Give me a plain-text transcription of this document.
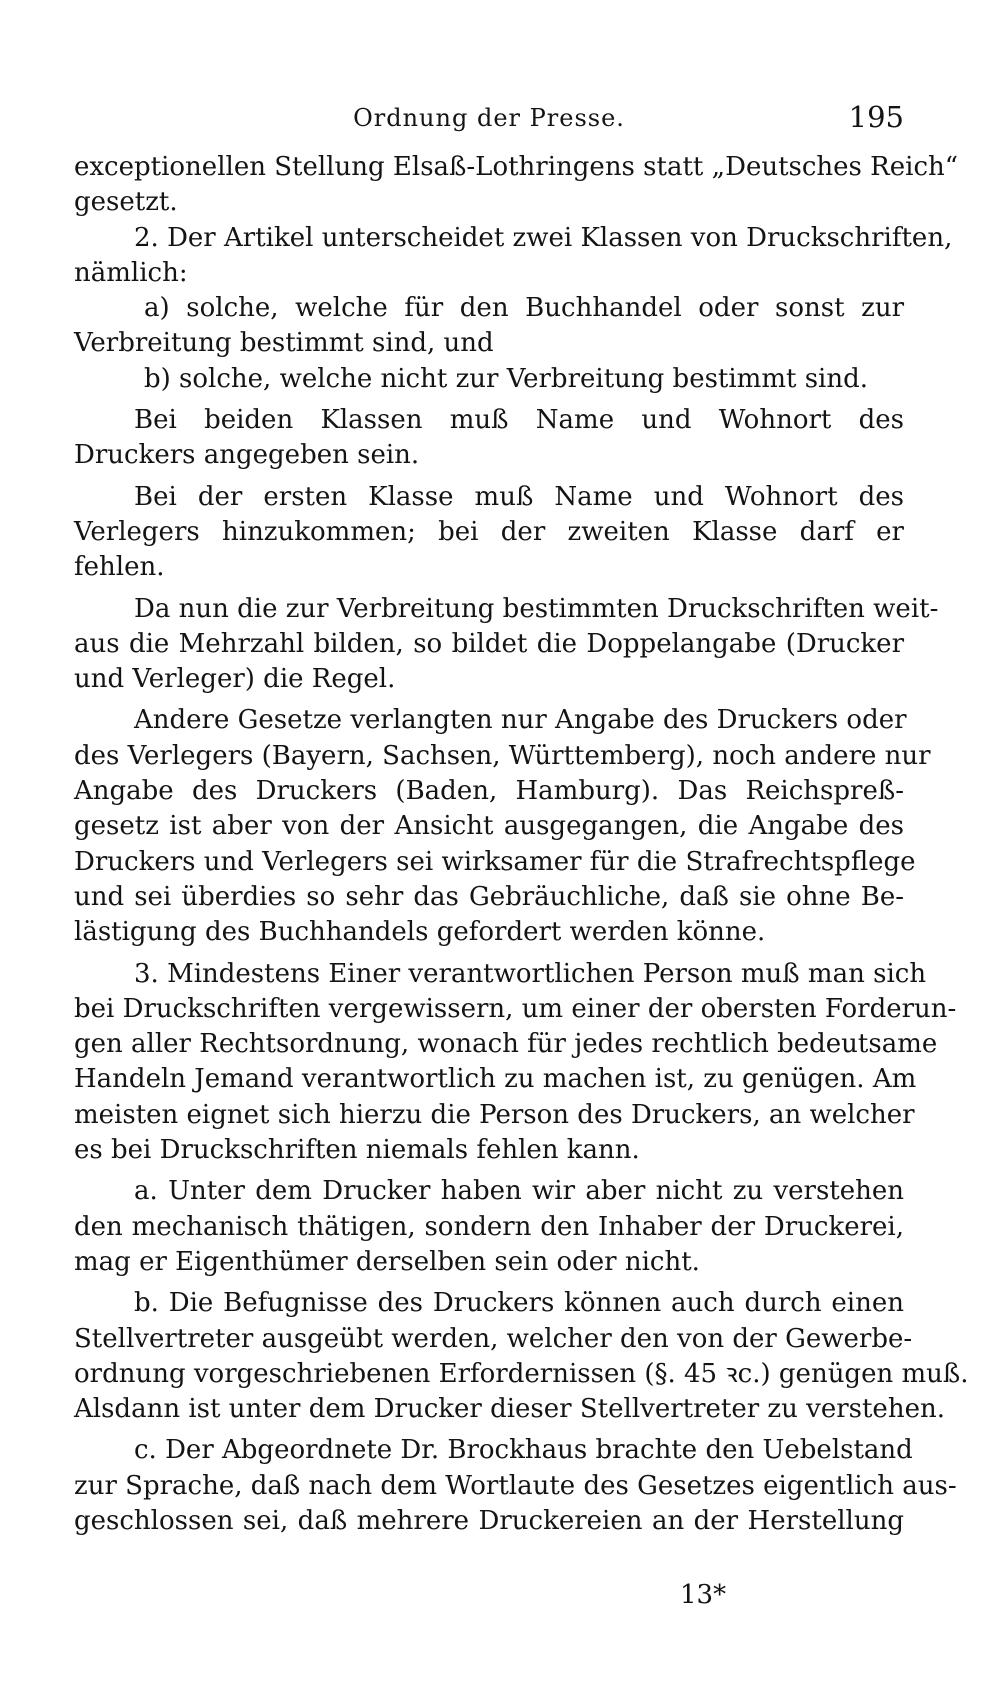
Ordnung der Presse.	195
exceptionellen Stellung Elsaß-Lothringens statt „Deutsches Reich“
gesetzt.
2. Der Artikel unterscheidet zwei Klassen von Druckschriften,
nämlich:
a) solche, welche für den Buchhandel oder sonst zur
Verbreitung bestimmt sind, und
b) solche, welche nicht zur Verbreitung bestimmt sind.
Bei beiden Klassen muß Name und Wohnort des
Druckers angegeben sein.
Bei der ersten Klasse muß Name und Wohnort des
Verlegers hinzukommen; bei der zweiten Klasse darf er
fehlen.
Da nun die zur Verbreitung bestimmten Druckschriften weit-
aus die Mehrzahl bilden, so bildet die Doppelangabe (Drucker
und Verleger) die Regel.
Andere Gesetze verlangten nur Angabe des Druckers oder
des Verlegers (Bayern, Sachsen, Württemberg), noch andere nur
Angabe des Druckers (Baden, Hamburg). Das Reichspreß-
gesetz ist aber von der Ansicht ausgegangen, die Angabe des
Druckers und Verlegers sei wirksamer für die Strafrechtspflege
und sei überdies so sehr das Gebräuchliche, daß sie ohne Be-
lästigung des Buchhandels gefordert werden könne.
3. Mindestens Einer verantwortlichen Person muß man sich
bei Druckschriften vergewissern, um einer der obersten Forderun-
gen aller Rechtsordnung, wonach für jedes rechtlich bedeutsame
Handeln Jemand verantwortlich zu machen ist, zu genügen. Am
meisten eignet sich hierzu die Person des Druckers, an welcher
es bei Druckschriften niemals fehlen kann.
a. Unter dem Drucker haben wir aber nicht zu verstehen
den mechanisch thätigen, sondern den Inhaber der Druckerei,
mag er Eigenthümer derselben sein oder nicht.
b. Die Befugnisse des Druckers können auch durch einen
Stellvertreter ausgeübt werden, welcher den von der Gewerbe-
ordnung vorgeschriebenen Erfordernissen (§. 45 ꝛc.) genügen muß.
Alsdann ist unter dem Drucker dieser Stellvertreter zu verstehen.
c. Der Abgeordnete Dr. Brockhaus brachte den Uebelstand
zur Sprache, daß nach dem Wortlaute des Gesetzes eigentlich aus-
geschlossen sei, daß mehrere Druckereien an der Herstellung
13*
